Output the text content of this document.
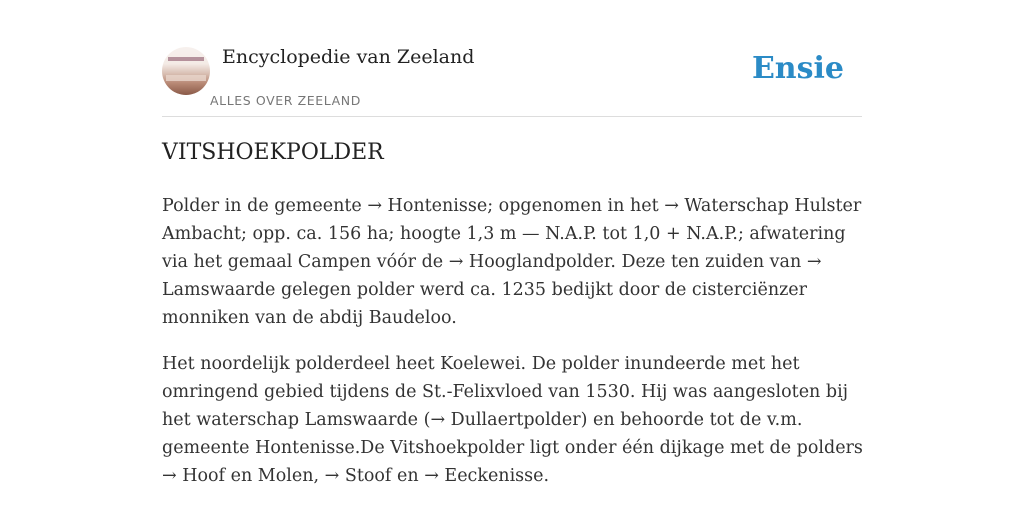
Encyclopedie van Zeeland
ALLES OVER ZEELAND
Ensie
VITSHOEKPOLDER

Polder in de gemeente → Hontenisse; opgenomen in het → Waterschap Hulster Ambacht; opp. ca. 156 ha; hoogte 1,3 m — N.A.P. tot 1,0 + N.A.P.; afwatering via het gemaal Campen vóór de → Hooglandpolder. Deze ten zuiden van → Lamswaarde gelegen polder werd ca. 1235 bedijkt door de cisterciënzer monniken van de abdij Baudeloo.

Het noordelijk polderdeel heet Koelewei. De polder inundeerde met het omringend gebied tijdens de St.-Felixvloed van 1530. Hij was aangesloten bij het waterschap Lamswaarde (→ Dullaertpolder) en behoorde tot de v.m. gemeente Hontenisse.De Vitshoekpolder ligt onder één dijkage met de polders → Hoof en Molen, → Stoof en → Eeckenisse.
